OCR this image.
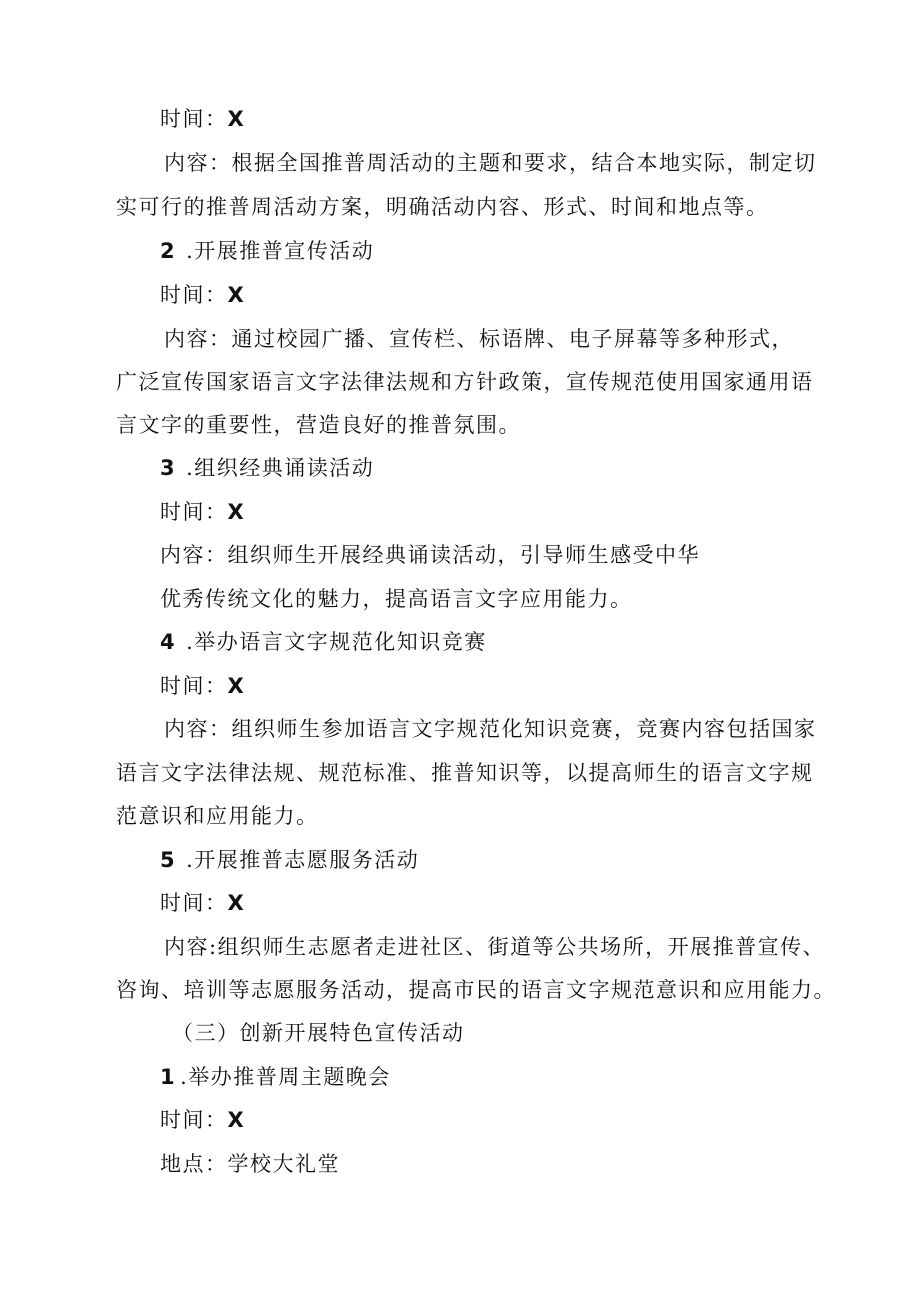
时间：X
内容：根据全国推普周活动的主题和要求，结合本地实际，制定切
实可行的推普周活动方案，明确活动内容、形式、时间和地点等。
2 .开展推普宣传活动
时间：X
内容：通过校园广播、宣传栏、标语牌、电子屏幕等多种形式，
广泛宣传国家语言文字法律法规和方针政策，宣传规范使用国家通用语
言文字的重要性，营造良好的推普氛围。
3 .组织经典诵读活动
时间：X
内容：组织师生开展经典诵读活动，引导师生感受中华
优秀传统文化的魅力，提高语言文字应用能力。
4 .举办语言文字规范化知识竞赛
时间：X
内容：组织师生参加语言文字规范化知识竞赛，竞赛内容包括国家
语言文字法律法规、规范标准、推普知识等，以提高师生的语言文字规
范意识和应用能力。
5 .开展推普志愿服务活动
时间：X
内容:组织师生志愿者走进社区、街道等公共场所，开展推普宣传、
咨询、培训等志愿服务活动，提高市民的语言文字规范意识和应用能力。
（三）创新开展特色宣传活动
1 .举办推普周主题晚会
时间：X
地点：学校大礼堂
